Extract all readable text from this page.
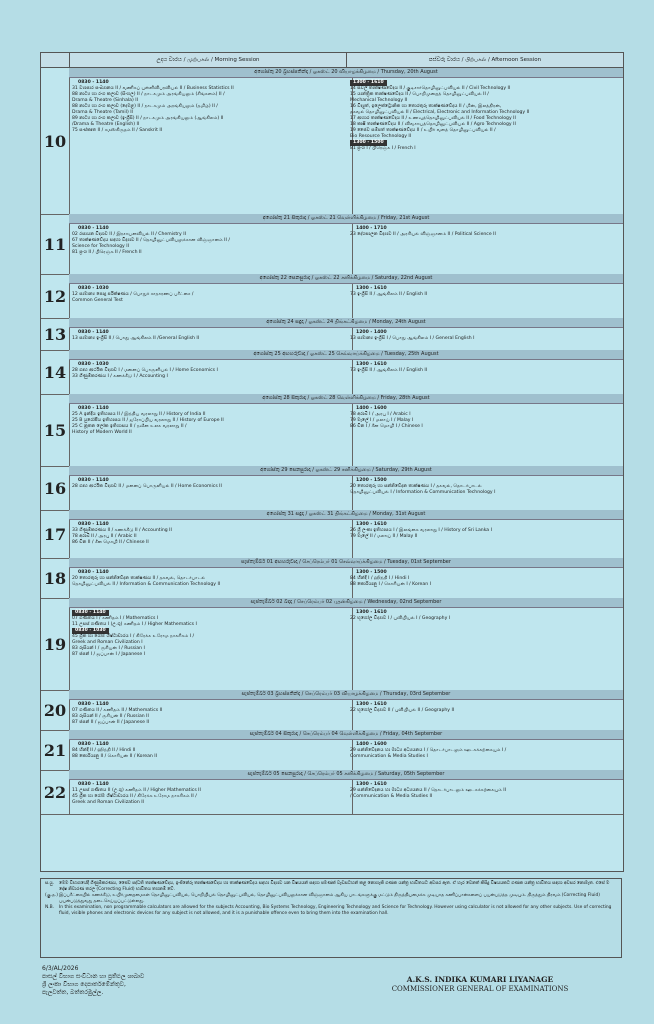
උදය වාරය / முற்பகல் / Morning Session	පස්වරු වාරය / பிற்பகல் / Afternoon Session
10
අගෝස්තු 20 බ්‍රහස්පතින්දා / ஓகஸ்ட் 20 வியாழக்கிழமை / Thursday, 20th August
0830 - 1140
31 ව්‍යාපාර සංඛ්‍යානය II / வணிகப் புள்ளிவிபரவியல் II / Business Statistics II
88 නාට්‍ය හා රංග කලාව (සිංහල) II / நாடகமும் அரங்கியலும் (சிங்களம்) II /
Drama & Theatre (Sinhala) II
88 නාට්‍ය හා රංග කලාව (දෙමළ) II / நாடகமும் அரங்கியலும் (தமிழ்) II /
Drama & Theatre (Tamil) II
89 නාට්‍ය හා රංග කලාව (ඉංග්‍රීසි) II / நாடகமும் அரங்கியலும் (ஆங்கிலம்) II
/Drama & Theatre (English) II
75 සංස්කෘත II / சமஸ்கிருதம் II / Sanskrit II
1300 - 1610
14 සිවිල් තාක්ෂණවේදය II / குடிசார்தொழினுட்பவியல் II / Civil Technology II
15 යාන්ත්‍රික තාක්ෂණවේදය II / பொறிமுறைத் தொழினுட்பவியல் II /
Mechanical Technology II
16 විද්‍යුත්, ඉලෙක්ට්‍රොනික හා තොරතුරු තාක්ෂණවේදය II / மின், இலத்திரன்,
தகவல் தொழினுட்பவியல் II / Electrical, Electronic and Information Technology II
17 ආහාර තාක්ෂණවේදය II / உணவுத்தொழினுட்பவியல் II / Food Technology II
18 කෘෂි තාක්ෂණවේදය II / விவசாயத்தொழினுட்பவியல் II / Agro Technology II
19 ජෛව සම්පත් තාක්ෂණවේදය II / உயிர் வளத் தொழினுட்பவியல் II /
Bio Resource Technology II
1300 - 1500
81 ප්‍රංශ I / பிரெஞ்சு I / French I
11
අගෝස්තු 21 සිකුරාදා / ஓகஸ்ட் 21 வெள்ளிக்கிழமை / Friday, 21st August
0830 - 1140
02 රසායන විද්‍යාව II / இரசாயனவியல் II / Chemistry II
67 තාක්ෂණවේදය සඳහා විද්‍යාව II / தொழினுட்பவியலுக்கான விஞ்ஞானம் II /
Science for Technology II
81 ප්‍රංශ II / பிரெஞ்சு II / French II
1400 - 1710
23 දේශපාලන විද්‍යාව II / அரசியல் விஞ்ஞானம் II / Political Science II
12
අගෝස්තු 22 සෙනසුරාදා / ஓகஸ்ட் 22 சனிக்கிழமை / Saturday, 22nd August
0830 - 1030
12 සාමාන්‍ය පොදු පරීක්ෂණය / பொதுச் சாதாரணப் பரீட்சை /
Common General Test
1300 - 1610
73 ඉංග්‍රීසි II / ஆங்கிலம் II / English II
13
අගෝස්තු 24 සඳුදා / ஓகஸ்ட் 24 திங்கட்கிழமை / Monday, 24th August
0830 - 1140
13 සාමාන්‍ය ඉංග්‍රීසි II / பொது ஆங்கிலம் II /General English II
1200 - 1400
13 සාමාන්‍ය ඉංග්‍රීසි I / பொது ஆங்கிலம் I / General English I
14
අගෝස්තු 25 අඟහරුවාදා / ஓகஸ்ட் 25 செவ்வாய்க்கிழமை / Tuesday, 25th August
0830 - 1030
28 ගෘහ ආර්ථික විද්‍යාව I / மனைப் பொருளியல் I / Home Economics I
33 ගිණුම්කරණය I / கணக்கீடு I / Accounting I
1300 - 1610
73 ඉංග්‍රීසි II / ஆங்கிலம் II / English II
15
අගෝස්තු 28 සිකුරාදා / ஓகஸ்ட் 28 வெள்ளிக்கிழமை / Friday, 28th August
0830 - 1140
25 A ඉන්දීය ඉතිහාසය II / இந்திய வரலாறு II / History of India II
25 B යුරෝපීය ඉතිහාසය II / ஐரோப்பிய வரலாறு II / History of Europe II
25 C නූතන ලෝක ඉතිහාසය II / நவீன உலக வரலாறு II /
History of Modern World II
1400 - 1600
78 අරාබි I / அரபு I / Arabic I
79 මැලේ I / மலாய் I / Malay I
86 චීන I / சீன மொழி I / Chinese I
16
අගෝස්තු 29 සෙනසුරාදා / ஓகஸ்ட் 29 சனிக்கிழமை / Saturday, 29th August
0830 - 1140
28 ගෘහ ආර්ථික විද්‍යාව II / மனைப் பொருளியல் II / Home Economics II
1200 - 1500
20 තොරතුරු හා සන්නිවේදන තාක්ෂණය I / தகவல், தொடர்பாடல்
தொழினுட்பவியல் I / Information & Communication Technology I
17
අගෝස්තු 31 සඳුදා / ஓகஸ்ட் 31 திங்கட்கிழமை / Monday, 31st August
0830 - 1140
33 ගිණුම්කරණය II / கணக்கீடு II / Accounting II
78 අරාබි II / அரபு II / Arabic II
86 චීන II / சீன மொழி II / Chinese II
1300 - 1610
26 ශ්‍රී ලංකා ඉතිහාසය I / இலங்கை வரலாறு I / History of Sri Lanka I
79 මැලේ II / மலாய் II / Malay II
18
සැප්තැම්බර් 01 අඟහරුවාදා / செப்ரெம்பர் 01 செவ்வாய்க்கிழமை / Tuesday, 01st September
0830 - 1140
20 තොරතුරු හා සන්නිවේදන තාක්ෂණය II / தகவல், தொடர்பாடல்
தொழினுட்பவியல் II / Information & Communication Technology II
1300 - 1500
84 හින්දි I / ஹிந்தி I / Hindi I
88 කොරියානු I / கொரியன் I / Korean I
19
සැප්තැම්බර් 02 බදාදා / செப்ரெம்பர் 02 புதன்கிழமை / Wednesday, 02nd September
0830 - 1140
07 ගණිතය I / கணிதம் I / Mathematics I
11 උසස් ගණිතය I (උ.ගු) கணிதம் I / Higher Mathematics I
0830 - 1030
45 ග්‍රීක හා රෝම ශිෂ්ටාචාරය I / கிரேக்க உரோம நாகரிகம் I /
Greek and Roman Civilization I
83 රුසියන් I / ருசியன் I / Russian I
87 ජපන් I / ஜப்பான் I / Japanese I
1300 - 1610
22 භූගෝල විද්‍යාව I / புவியியல் I / Geography I
20
සැප්තැම්බර් 03 බ්‍රහස්පතින්දා / செப்ரெம்பர் 03 வியாழக்கிழமை / Thursday, 03rd September
0830 - 1140
07 ගණිතය II / கணிதம் II / Mathematics II
83 රුසියන් II / ருசியன் II / Russian II
87 ජපන් II / ஜப்பான் II / Japanese II
1300 - 1610
22 භූගෝල විද්‍යාව II / புவியியல் II / Geography II
21
සැප්තැම්බර් 04 සිකුරාදා / செப்ரெம்பர் 04 வெள்ளிக்கிழமை / Friday, 04th September
0830 - 1140
84 හින්දි II / ஹிந்தி II / Hindi II
88 කොරියානු II / கொரியன் II / Korean II
1400 - 1600
29 සන්නිවේදනය හා මාධ්‍ය අධ්‍යයනය I / தொடர்பாடலும் ஊடகக்கற்கையும் I /
Communication & Media Studies I
22
සැප්තැම්බර් 05 සෙනසුරාදා / செப்ரெம்பர் 05 சனிக்கிழமை / Saturday, 05th September
0830 - 1140
11 උසස් ගණිතය II (උ.ගු) கணிதம் II / Higher Mathematics II
45 ග්‍රීක හා රෝම ශිෂ්ටාචාරය II / கிரேக்க உரோம நாகரிகம் II /
Greek and Roman Civilization II
1300 - 1610
29 සන්නිවේදනය හා මාධ්‍ය අධ්‍යයනය II / தொடர்பாடலும் ஊடகக்கற்கையும் II
/ Communication & Media Studies II
ස.යු.	මෙම විභාගයේදී ගිණුම්කරණය, ජෛව පද්ධති තාක්ෂණවේදය, ඉංජිනේරු තාක්ෂණවේදය හා තාක්ෂණවේදය සඳහා විද්‍යාව යන විෂයයන් සඳහා පමණක් වැඩසටහන් කළ නොහැකි ගණක යන්ත්‍ර භාවිතයට අවසර ඇත. ඒ හැර වෙනත් කිසිදු විෂයයකට ගණක යන්ත්‍ර භාවිතය සඳහා අවසර නොමැත. එසේ ම දෝෂ නිවාරණ තරල (Correcting Fluid) භාවිතය තහනම් වේ.
(கு.த.) இப்பரீட்சையில் கணக்கீடு, உயிர்முறைமைகள் தொழினுட்பவியல், பொறியியல் தொழினுட்பவியல், தொழினுட்பவியலுக்கான விஞ்ஞானம் ஆகிய பாடங்களுக்கு மட்டும் திருத்தியமைக்க முடியாத கணிப்பான்களைப் பயன்படுத்த முடியும். திருத்தும் திரவம் (Correcting Fluid) பயன்படுத்துவது தடைசெய்யப்பட்டுள்ளது.
N.B.	In this examination, non programmable calculators are allowed for the subjects Accounting, Bio Systems Technology, Engineering Technology and Science for Technology. However using calculator is not allowed for any other subjects. Use of correcting fluid, visible phones and electronic devices for any subject is not allowed, and it is a punishable offence even to bring them into the examination hall.
6/3/AL/2026
පාසල් විභාග සංවිධාන හා ප්‍රතිඵල ශාඛාව
ශ්‍රී ලංකා විභාග දෙපාර්තමේන්තුව,
පැලවත්ත, බත්තරමුල්ල.
A.K.S. INDIKA KUMARI LIYANAGE
COMMISSIONER GENERAL OF EXAMINATIONS
